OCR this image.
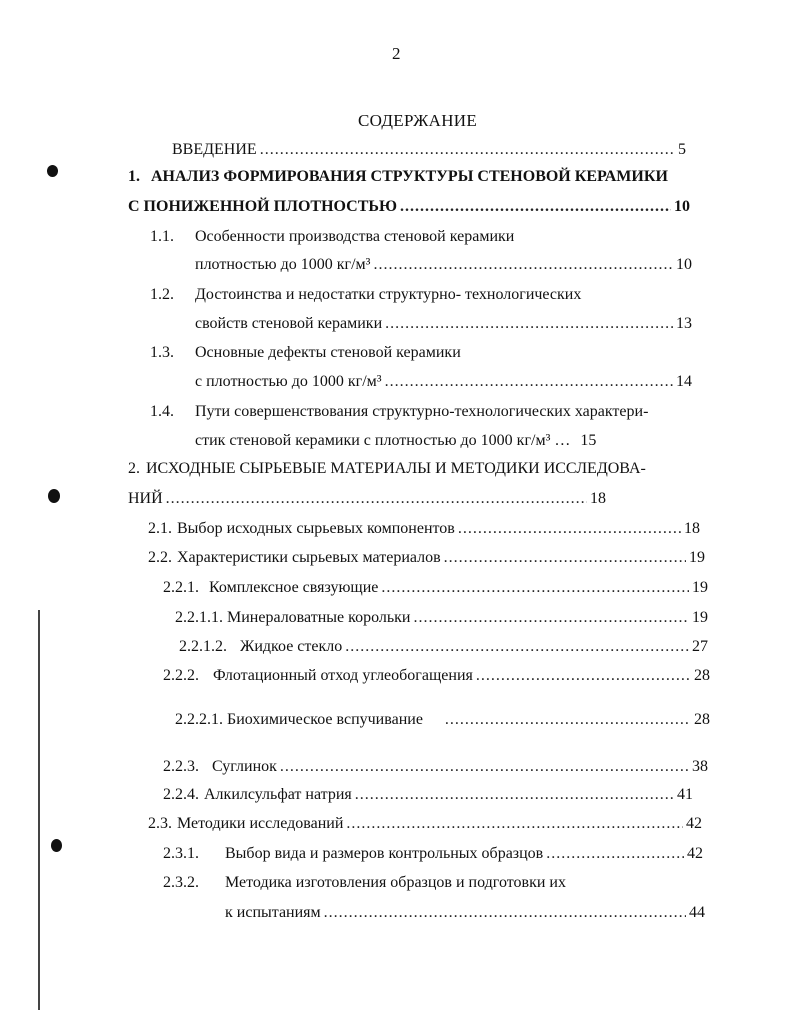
2
СОДЕРЖАНИЕ
ВВЕДЕНИЕ .....	5
1. АНАЛИЗ ФОРМИРОВАНИЯ СТРУКТУРЫ СТЕНОВОЙ КЕРАМИКИ
С ПОНИЖЕННОЙ ПЛОТНОСТЬЮ .....	10
1.1.	Особенности производства стеновой керамики
плотностью до 1000 кг/м³ .....	10
1.2.	Достоинства и недостатки структурно- технологических
свойств стеновой керамики .....	13
1.3.	Основные дефекты стеновой керамики
с плотностью до 1000 кг/м³ .....	14
1.4.	Пути совершенствования структурно-технологических характери-
стик стеновой керамики с плотностью до 1000 кг/м³ … 15
2. ИСХОДНЫЕ СЫРЬЕВЫЕ МАТЕРИАЛЫ И МЕТОДИКИ ИССЛЕДОВА-
НИЙ .....	18
2.1. Выбор исходных сырьевых компонентов .....	18
2.2. Характеристики сырьевых материалов .....	19
2.2.1. Комплексное связующие .....	19
2.2.1.1. Минераловатные корольки .....	19
2.2.1.2. Жидкое стекло .....	27
2.2.2. Флотационный отход углеобогащения .....	28
2.2.2.1. Биохимическое вспучивание .....	28
2.2.3. Суглинок .....	38
2.2.4. Алкилсульфат натрия .....	41
2.3. Методики исследований .....	42
2.3.1.	Выбор вида и размеров контрольных образцов .....	42
2.3.2.	Методика изготовления образцов и подготовки их
к испытаниям .....	44
